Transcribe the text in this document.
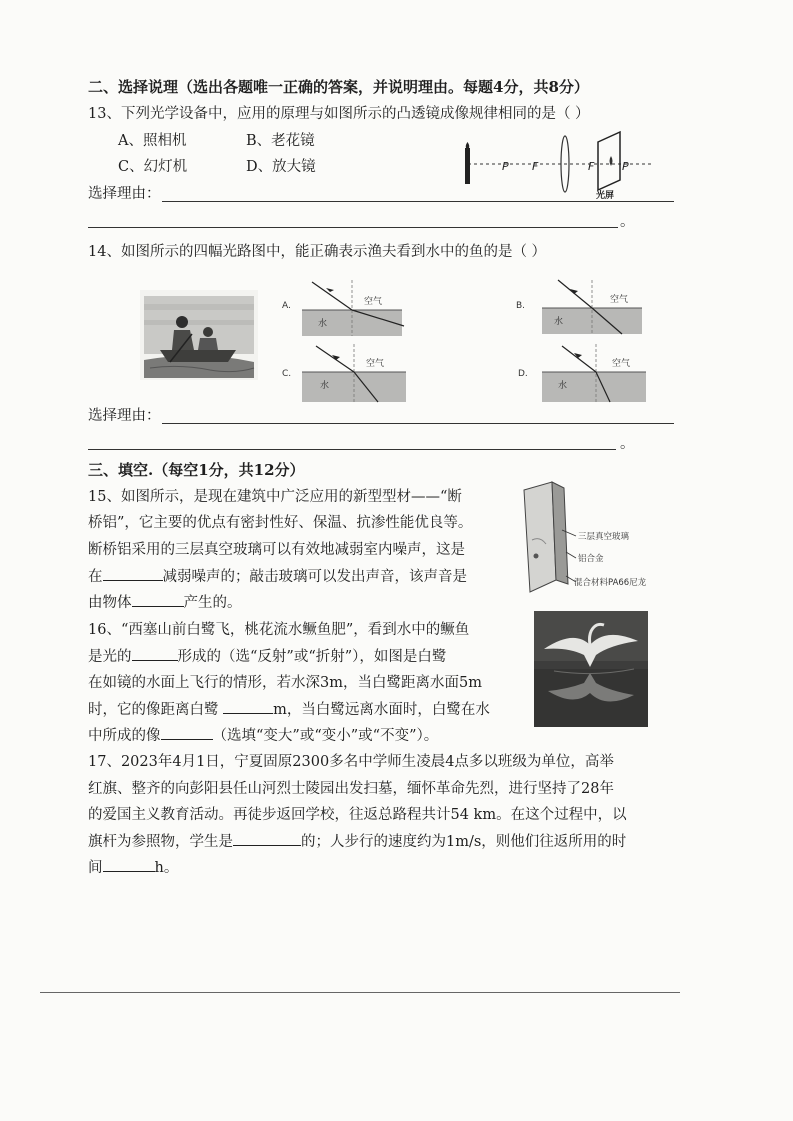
二、选择说理（选出各题唯一正确的答案，并说明理由。每题4分，共8分）
13、下列光学设备中，应用的原理与如图所示的凸透镜成像规律相同的是（ ）
A、照相机	B、老花镜
C、幻灯机	D、放大镜
选择理由：
。
P F	F	P
光屏
14、如图所示的四幅光路图中，能正确表示渔夫看到水中的鱼的是（ ）
A.	空气
水
B.
空气
水
C.
空气
水
D.
空气
水
选择理由：
。
三、填空.（每空1分，共12分）
15、如图所示，是现在建筑中广泛应用的新型型材——“断
桥铝”，它主要的优点有密封性好、保温、抗渗性能优良等。
断桥铝采用的三层真空玻璃可以有效地减弱室内噪声，这是
在	减弱噪声的；敲击玻璃可以发出声音，该声音是
由物体	产生的。
三层真空玻璃
铝合金
混合材料PA66尼龙
16、“西塞山前白鹭飞，桃花流水鳜鱼肥”，看到水中的鳜鱼
是光的	形成的（选“反射”或“折射”），如图是白鹭
在如镜的水面上飞行的情形，若水深3m，当白鹭距离水面5m
时，它的像距离白鹭	m，当白鹭远离水面时，白鹭在水
中所成的像	（选填“变大”或“变小”或“不变”）。
17、2023年4月1日，宁夏固原2300多名中学师生凌晨4点多以班级为单位，高举
红旗、整齐的向彭阳县任山河烈士陵园出发扫墓，缅怀革命先烈，进行坚持了28年
的爱国主义教育活动。再徒步返回学校，往返总路程共计54 km。在这个过程中，以
旗杆为参照物，学生是	的；人步行的速度约为1m/s，则他们往返所用的时
间	h。
